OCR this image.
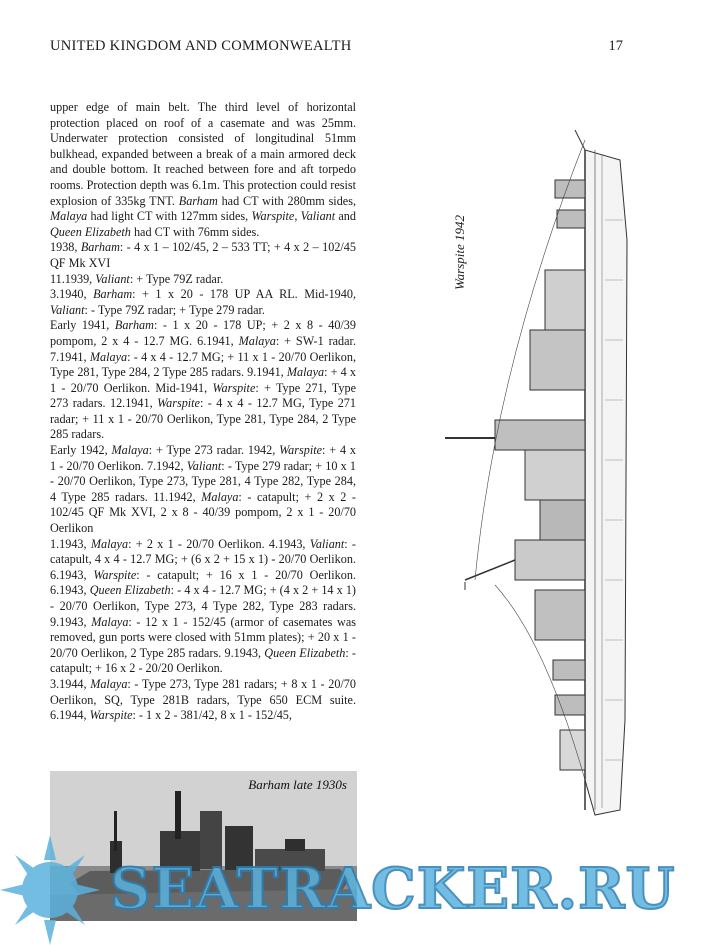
UNITED KINGDOM AND COMMONWEALTH	17

upper edge of main belt. The third level of horizontal protection placed on roof of a casemate and was 25mm. Underwater protection consisted of longitudinal 51mm bulkhead, expanded between a break of a main armored deck and double bottom. It reached between fore and aft torpedo rooms. Protection depth was 6.1m. This protection could resist explosion of 335kg TNT. Barham had CT with 280mm sides, Malaya had light CT with 127mm sides, Warspite, Valiant and Queen Elizabeth had CT with 76mm sides.

1938, Barham: - 4 x 1 – 102/45, 2 – 533 TT; + 4 x 2 – 102/45 QF Mk XVI

11.1939, Valiant: + Type 79Z radar.

3.1940, Barham: + 1 x 20 - 178 UP AA RL. Mid-1940, Valiant: - Type 79Z radar; + Type 279 radar.

Early 1941, Barham: - 1 x 20 - 178 UP; + 2 x 8 - 40/39 pompom, 2 x 4 - 12.7 MG. 6.1941, Malaya: + SW-1 radar. 7.1941, Malaya: - 4 x 4 - 12.7 MG; + 11 x 1 - 20/70 Oerlikon, Type 281, Type 284, 2 Type 285 radars. 9.1941, Malaya: + 4 x 1 - 20/70 Oerlikon. Mid-1941, Warspite: + Type 271, Type 273 radars. 12.1941, Warspite: - 4 x 4 - 12.7 MG, Type 271 radar; + 11 x 1 - 20/70 Oerlikon, Type 281, Type 284, 2 Type 285 radars.

Early 1942, Malaya: + Type 273 radar. 1942, Warspite: + 4 x 1 - 20/70 Oerlikon. 7.1942, Valiant: - Type 279 radar; + 10 x 1 - 20/70 Oerlikon, Type 273, Type 281, 4 Type 282, Type 284, 4 Type 285 radars. 11.1942, Malaya: - catapult; + 2 x 2 - 102/45 QF Mk XVI, 2 x 8 - 40/39 pompom, 2 x 1 - 20/70 Oerlikon

1.1943, Malaya: + 2 x 1 - 20/70 Oerlikon. 4.1943, Valiant: - catapult, 4 x 4 - 12.7 MG; + (6 x 2 + 15 x 1) - 20/70 Oerlikon. 6.1943, Warspite: - catapult; + 16 x 1 - 20/70 Oerlikon. 6.1943, Queen Elizabeth: - 4 x 4 - 12.7 MG; + (4 x 2 + 14 x 1) - 20/70 Oerlikon, Type 273, 4 Type 282, Type 283 radars. 9.1943, Malaya: - 12 x 1 - 152/45 (armor of casemates was removed, gun ports were closed with 51mm plates); + 20 x 1 - 20/70 Oerlikon, 2 Type 285 radars. 9.1943, Queen Elizabeth: - catapult; + 16 x 2 - 20/20 Oerlikon.

3.1944, Malaya: - Type 273, Type 281 radars; + 8 x 1 - 20/70 Oerlikon, SQ, Type 281B radars, Type 650 ECM suite. 6.1944, Warspite: - 1 x 2 - 381/42, 8 x 1 - 152/45,

Barham late 1930s
Warspite 1942
SEATRACKER.RU
